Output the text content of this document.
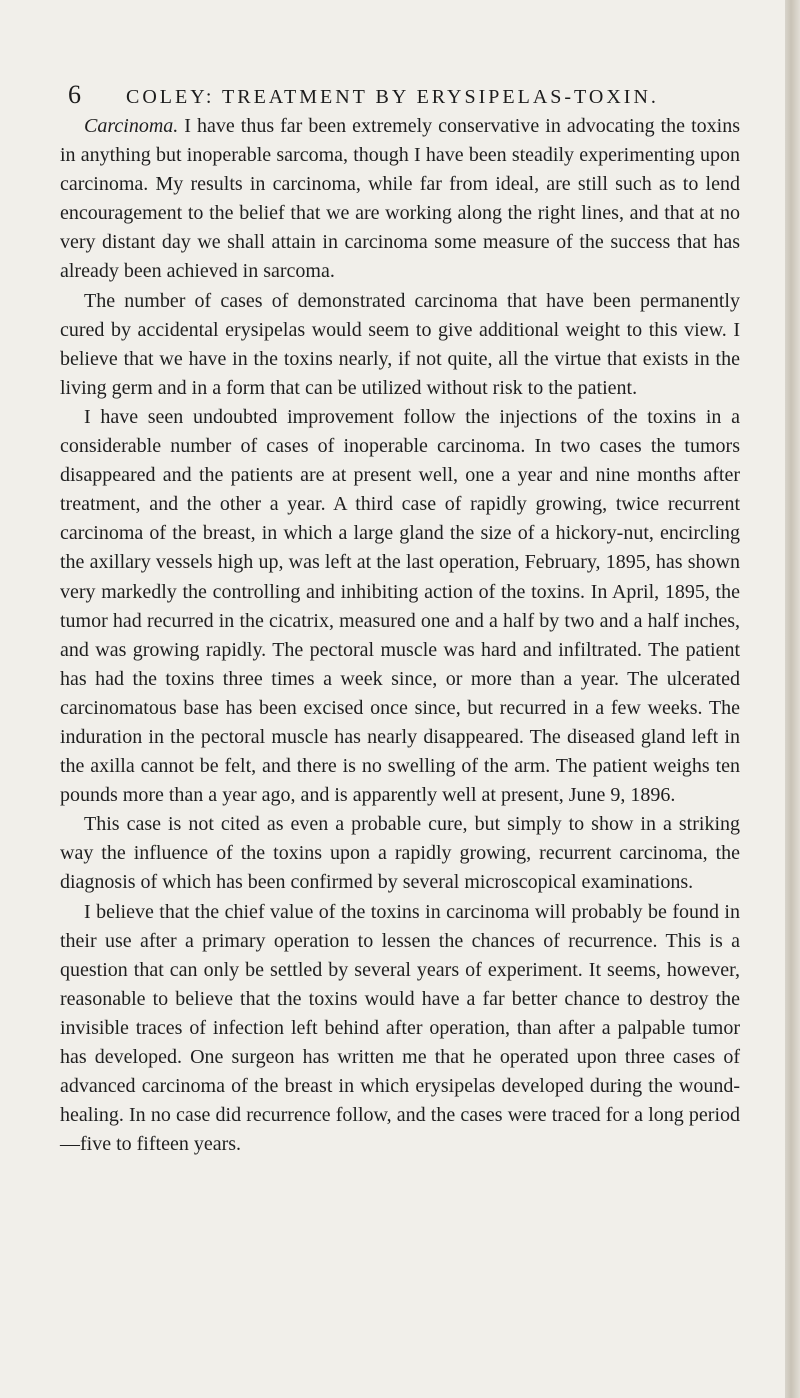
6 COLEY: TREATMENT BY ERYSIPELAS-TOXIN.

Carcinoma. I have thus far been extremely conservative in advocating the toxins in anything but inoperable sarcoma, though I have been steadily experimenting upon carcinoma. My results in carcinoma, while far from ideal, are still such as to lend encouragement to the belief that we are working along the right lines, and that at no very distant day we shall attain in carcinoma some measure of the success that has already been achieved in sarcoma.

The number of cases of demonstrated carcinoma that have been permanently cured by accidental erysipelas would seem to give additional weight to this view. I believe that we have in the toxins nearly, if not quite, all the virtue that exists in the living germ and in a form that can be utilized without risk to the patient.

I have seen undoubted improvement follow the injections of the toxins in a considerable number of cases of inoperable carcinoma. In two cases the tumors disappeared and the patients are at present well, one a year and nine months after treatment, and the other a year. A third case of rapidly growing, twice recurrent carcinoma of the breast, in which a large gland the size of a hickory-nut, encircling the axillary vessels high up, was left at the last operation, February, 1895, has shown very markedly the controlling and inhibiting action of the toxins. In April, 1895, the tumor had recurred in the cicatrix, measured one and a half by two and a half inches, and was growing rapidly. The pectoral muscle was hard and infiltrated. The patient has had the toxins three times a week since, or more than a year. The ulcerated carcinomatous base has been excised once since, but recurred in a few weeks. The induration in the pectoral muscle has nearly disappeared. The diseased gland left in the axilla cannot be felt, and there is no swelling of the arm. The patient weighs ten pounds more than a year ago, and is apparently well at present, June 9, 1896.

This case is not cited as even a probable cure, but simply to show in a striking way the influence of the toxins upon a rapidly growing, recurrent carcinoma, the diagnosis of which has been confirmed by several microscopical examinations.

I believe that the chief value of the toxins in carcinoma will probably be found in their use after a primary operation to lessen the chances of recurrence. This is a question that can only be settled by several years of experiment. It seems, however, reasonable to believe that the toxins would have a far better chance to destroy the invisible traces of infection left behind after operation, than after a palpable tumor has developed. One surgeon has written me that he operated upon three cases of advanced carcinoma of the breast in which erysipelas developed during the wound-healing. In no case did recurrence follow, and the cases were traced for a long period—five to fifteen years.
